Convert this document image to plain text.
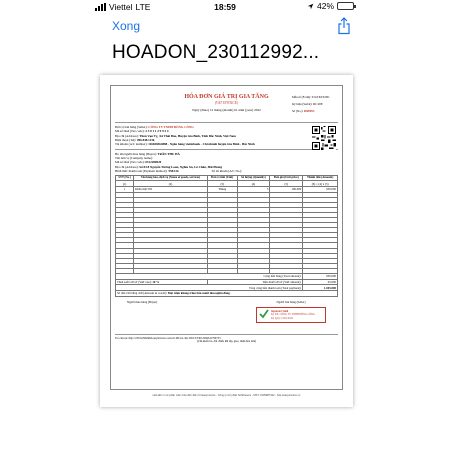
Viettel LTE	18:59	42%
Xong
HOADON_230112992...
HÓA ĐƠN GIÁ TRỊ GIA TĂNG
(VAT INVOICE)
Ngày (Date) 12 tháng (month) 01 năm (year) 2022
Mẫu số (Form): 01GTKT0/001
Ký hiệu (Serial): DC/20E
Số (No.): 0000093
Đơn vị bán hàng (Seller): CÔNG TY TNHH ĐỒNG CÔNG
Mã số thuế (Tax code): 2 3 0 1 1 2 9 9 2 4
Địa chỉ (Address): Thôn Vạn Tỵ, Xã Thái Bảo, Huyện Gia Bình, Tỉnh Bắc Ninh, Việt Nam
Điện thoại (Tel): 096.848.1136
Tài khoản (A/C number): 116656564888 - Ngân hàng vietinbank - Chi nhánh huyện Gia Bình - Bắc Ninh
Họ tên người mua hàng (Buyer): TRẦN THU HÀ
Tên đơn vị (Company name):
Mã số thuế (Tax code): 0312280020
Địa chỉ (Address): Số 8/18 Nguyễn Tường Loan, Nghĩa Xá, Lê Chân, Hải Phòng
Hình thức thanh toán (Payment method): TM/CK	Số tài khoản (A/C No.):
STT (No.)	Tên hàng hóa, dịch vụ (Name of goods, services)	Đơn vị tính (Unit)	Số lượng (Quantity)	Đơn giá (Unit price)	Thành tiền (Amount)
(1)	(2)	(3)	(4)	(5)	(6) = (4) x (5)
1	Khăn mặt 595	Thùng	5	190.000	950.000

Cộng tiền hàng (Total amount):					950.000
Thuế suất GTGT (VAT rate): 10 %		Tiền thuế GTGT (VAT amount):			95.000
Tổng cộng tiền thanh toán (Total payment):					1.045.000
Số tiền viết bằng chữ (Amount in words): Một triệu không trăm bốn mươi lăm nghìn đồng.					
Người mua hàng (Buyer)	Người bán hàng (Seller)
Signature Valid
Ký bởi: CÔNG TY TNHH ĐỒNG CÔNG
Ký ngày: 12/01/2022
Tra cứu tại: http://2301129924hd.easyinvoice.com.vn Mã tra cứu: D6C3/53012284541799733
(Cần kiểm tra, đối chiếu khi lập, giao, nhận hóa đơn)
Hóa đơn in từ phần mềm hóa đơn điện tử EasyInvoice - Công ty Cổ phần Softdreams - MST: 0105987432 - http://easyinvoice.vn
